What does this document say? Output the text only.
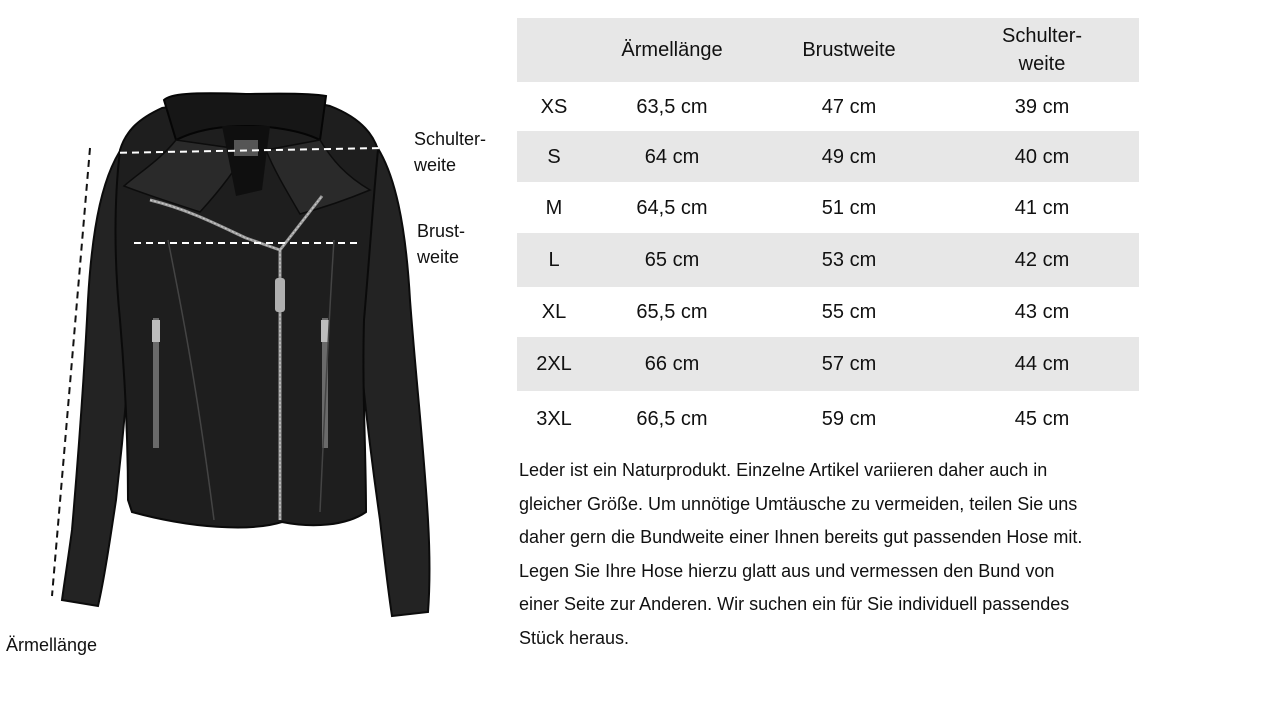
Schulter-
weite
Brust-
weite
Ärmellänge
	Ärmellänge	Brustweite	Schulter-
weite
XS	63,5 cm	47 cm	39 cm
S	64 cm	49 cm	40 cm
M	64,5 cm	51 cm	41 cm
L	65 cm	53 cm	42 cm
XL	65,5 cm	55 cm	43 cm
2XL	66 cm	57 cm	44 cm
3XL	66,5 cm	59 cm	45 cm

Leder ist ein Naturprodukt. Einzelne Artikel variieren daher auch in
gleicher Größe. Um unnötige Umtäusche zu vermeiden, teilen Sie uns
daher gern die Bundweite einer Ihnen bereits gut passenden Hose mit.
Legen Sie Ihre Hose hierzu glatt aus und vermessen den Bund von
einer Seite zur Anderen. Wir suchen ein für Sie individuell passendes
Stück heraus.
